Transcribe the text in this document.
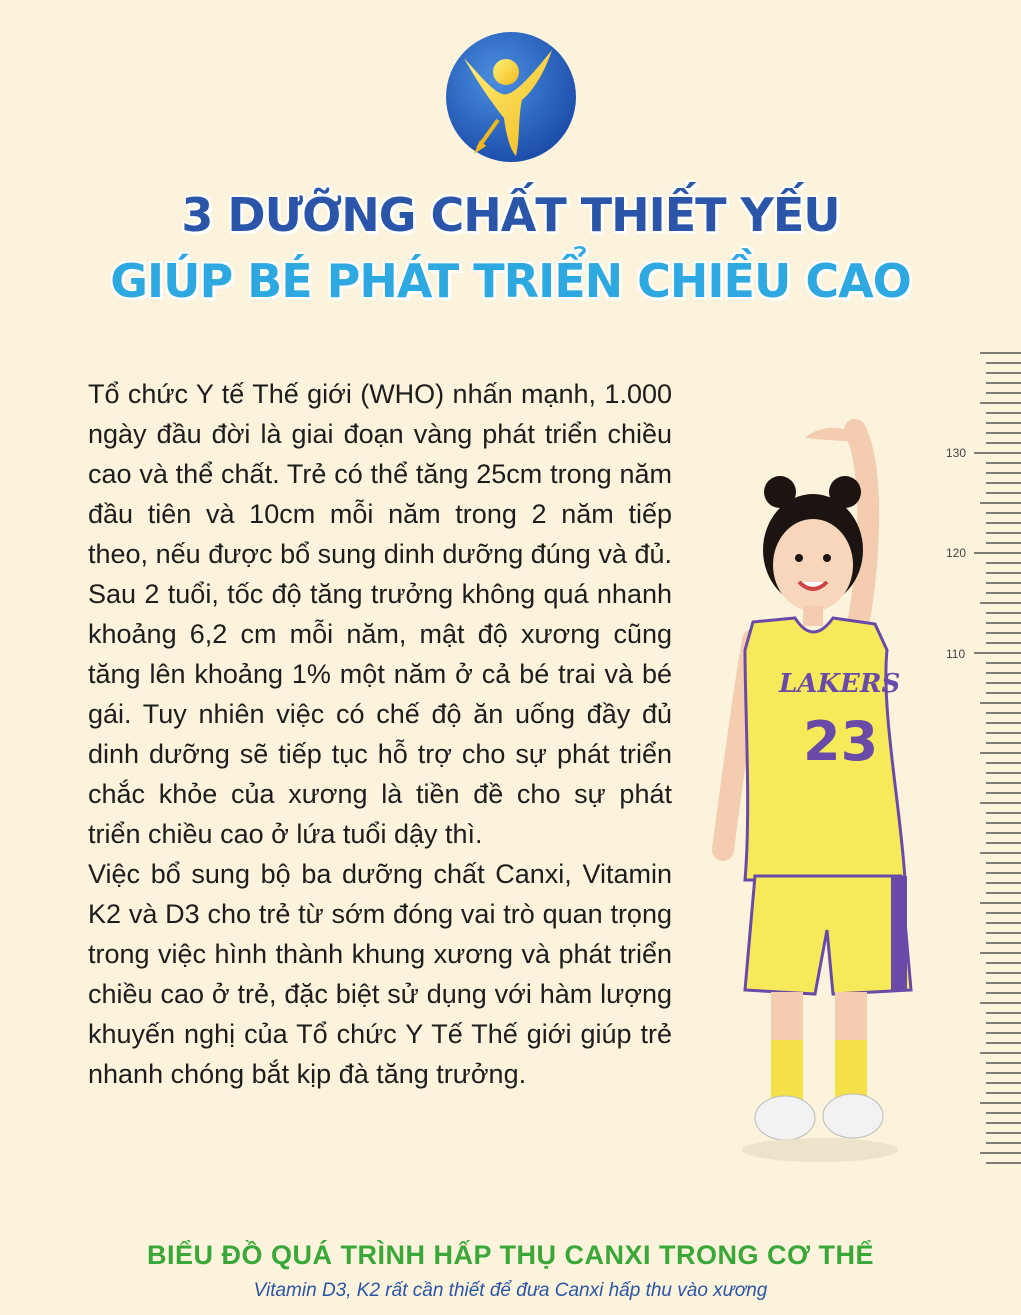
3 DƯỠNG CHẤT THIẾT YẾU
GIÚP BÉ PHÁT TRIỂN CHIỀU CAO

Tổ chức Y tế Thế giới (WHO) nhấn mạnh, 1.000 ngày đầu đời là giai đoạn vàng phát triển chiều cao và thể chất. Trẻ có thể tăng 25cm trong năm đầu tiên và 10cm mỗi năm trong 2 năm tiếp theo, nếu được bổ sung dinh dưỡng đúng và đủ. Sau 2 tuổi, tốc độ tăng trưởng không quá nhanh khoảng 6,2 cm mỗi năm, mật độ xương cũng tăng lên khoảng 1% một năm ở cả bé trai và bé gái. Tuy nhiên việc có chế độ ăn uống đầy đủ dinh dưỡng sẽ tiếp tục hỗ trợ cho sự phát triển chắc khỏe của xương là tiền đề cho sự phát triển chiều cao ở lứa tuổi dậy thì.

Việc bổ sung bộ ba dưỡng chất Canxi, Vitamin K2 và D3 cho trẻ từ sớm đóng vai trò quan trọng trong việc hình thành khung xương và phát triển chiều cao ở trẻ, đặc biệt sử dụng với hàm lượng khuyến nghị của Tổ chức Y Tế Thế giới giúp trẻ nhanh chóng bắt kịp đà tăng trưởng.

130
120
110
LAKERS
23
BIỂU ĐỒ QUÁ TRÌNH HẤP THỤ CANXI TRONG CƠ THỂ
Vitamin D3, K2 rất cần thiết để đưa Canxi hấp thu vào xương
